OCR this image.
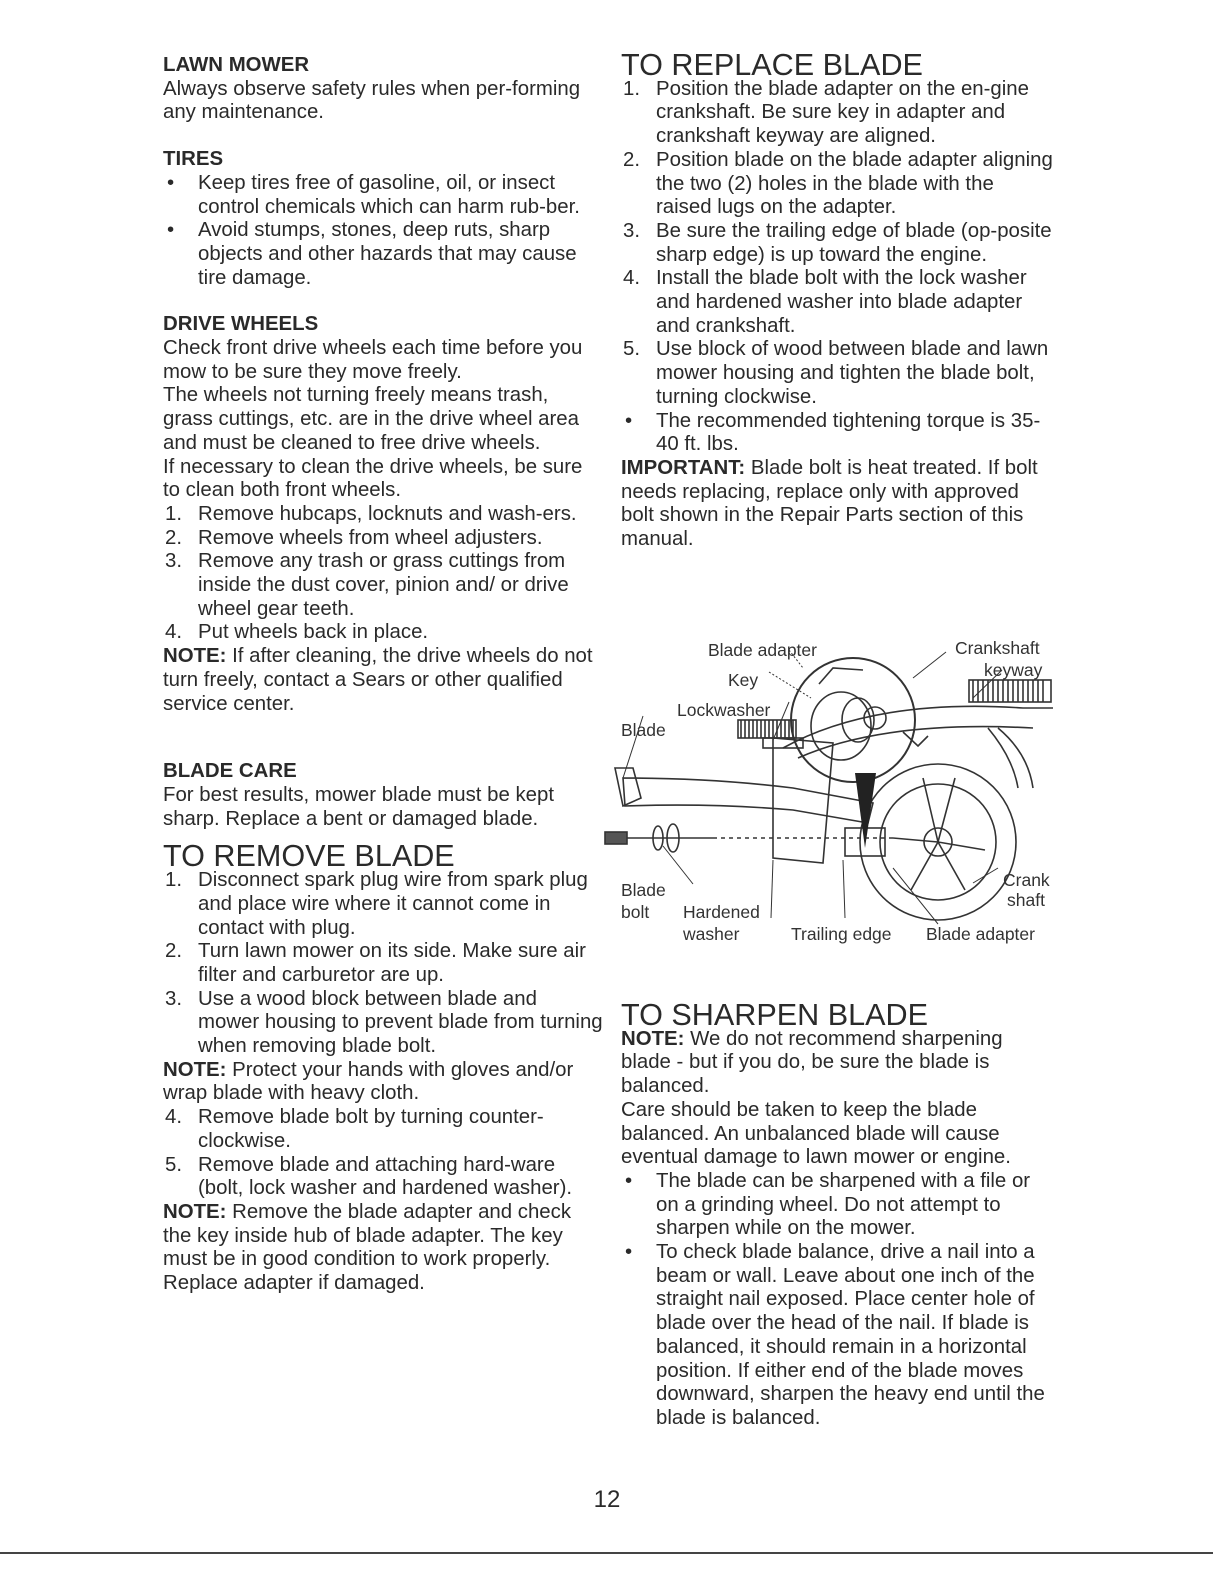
LAWN MOWER

Always observe safety rules when per-forming any maintenance.

TIRES
• Keep tires free of gasoline, oil, or insect control chemicals which can harm rub-ber.
• Avoid stumps, stones, deep ruts, sharp objects and other hazards that may cause tire damage.
DRIVE WHEELS

Check front drive wheels each time before you mow to be sure they move freely.

The wheels not turning freely means trash, grass cuttings, etc. are in the drive wheel area and must be cleaned to free drive wheels.

If necessary to clean the drive wheels, be sure to clean both front wheels.

1. Remove hubcaps, locknuts and wash-ers.
2. Remove wheels from wheel adjusters.
3. Remove any trash or grass cuttings from inside the dust cover, pinion and/ or drive wheel gear teeth.
4. Put wheels back in place.

NOTE: If after cleaning, the drive wheels do not turn freely, contact a Sears or other qualified service center.

BLADE CARE

For best results, mower blade must be kept sharp. Replace a bent or damaged blade.

TO REMOVE BLADE
1. Disconnect spark plug wire from spark plug and place wire where it cannot come in contact with plug.
2. Turn lawn mower on its side. Make sure air filter and carburetor are up.
3. Use a wood block between blade and mower housing to prevent blade from turning when removing blade bolt.

NOTE: Protect your hands with gloves and/or wrap blade with heavy cloth.

4. Remove blade bolt by turning counter-clockwise.
5. Remove blade and attaching hard-ware (bolt, lock washer and hardened washer).

NOTE: Remove the blade adapter and check the key inside hub of blade adapter. The key must be in good condition to work properly. Replace adapter if damaged.

TO REPLACE BLADE
1. Position the blade adapter on the en-gine crankshaft. Be sure key in adapter and crankshaft keyway are aligned.
2. Position blade on the blade adapter aligning the two (2) holes in the blade with the raised lugs on the adapter.
3. Be sure the trailing edge of blade (op-posite sharp edge) is up toward the engine.
4. Install the blade bolt with the lock washer and hardened washer into blade adapter and crankshaft.
5. Use block of wood between blade and lawn mower housing and tighten the blade bolt, turning clockwise.
• The recommended tightening torque is 35-40 ft. lbs.

IMPORTANT: Blade bolt is heat treated. If bolt needs replacing, replace only with approved bolt shown in the Repair Parts section of this manual.

Blade adapter
Key
Lockwasher
Blade
Crankshaft
keyway
Blade
bolt Hardened
washer	Trailing edge Blade adapter
Crank
shaft
TO SHARPEN BLADE

NOTE: We do not recommend sharpening blade - but if you do, be sure the blade is balanced.

Care should be taken to keep the blade balanced. An unbalanced blade will cause eventual damage to lawn mower or engine.

• The blade can be sharpened with a file or on a grinding wheel. Do not attempt to sharpen while on the mower.
• To check blade balance, drive a nail into a beam or wall. Leave about one inch of the straight nail exposed. Place center hole of blade over the head of the nail. If blade is balanced, it should remain in a horizontal position. If either end of the blade moves downward, sharpen the heavy end until the blade is balanced.
12
